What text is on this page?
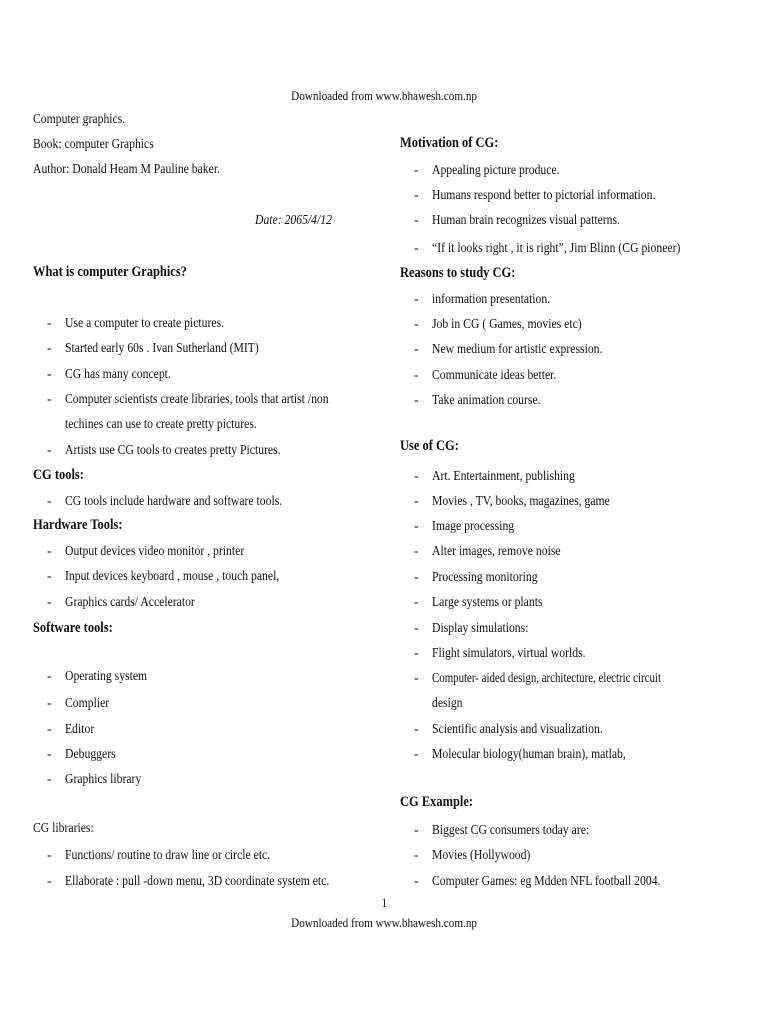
Downloaded from www.bhawesh.com.np
Computer graphics.
Book: computer Graphics
Author: Donald Heam M Pauline baker.
Date: 2065/4/12
What is computer Graphics?
- Use a computer to create pictures.
- Started early 60s . Ivan Sutherland (MIT)
- CG has many concept.
- Computer scientists create libraries, tools that artist /non
techines can use to create pretty pictures.
- Artists use CG tools to creates pretty Pictures.
CG tools:
- CG tools include hardware and software tools.
Hardware Tools:
- Output devices video monitor , printer
- Input devices keyboard , mouse , touch panel,
- Graphics cards/ Accelerator
Software tools:
- Operating system
- Complier
- Editor
- Debuggers
- Graphics library
CG libraries:
- Functions/ routine to draw line or circle etc.
- Ellaborate : pull -down menu, 3D coordinate system etc.
Motivation of CG:
- Appealing picture produce.
- Humans respond better to pictorial information.
- Human brain recognizes visual patterns.
- “If it looks right , it is right”, Jim Blinn (CG pioneer)
Reasons to study CG:
- information presentation.
- Job in CG ( Games, movies etc)
- New medium for artistic expression.
- Communicate ideas better.
- Take animation course.
Use of CG:
- Art. Entertainment, publishing
- Movies , TV, books, magazines, game
- Image processing
- Alter images, remove noise
- Processing monitoring
- Large systems or plants
- Display simulations:
- Flight simulators, virtual worlds.
- Computer- aided design, architecture, electric circuit
design
- Scientific analysis and visualization.
- Molecular biology(human brain), matlab,
CG Example:
- Biggest CG consumers today are:
- Movies (Hollywood)
- Computer Games: eg Mdden NFL football 2004.
1
Downloaded from www.bhawesh.com.np
